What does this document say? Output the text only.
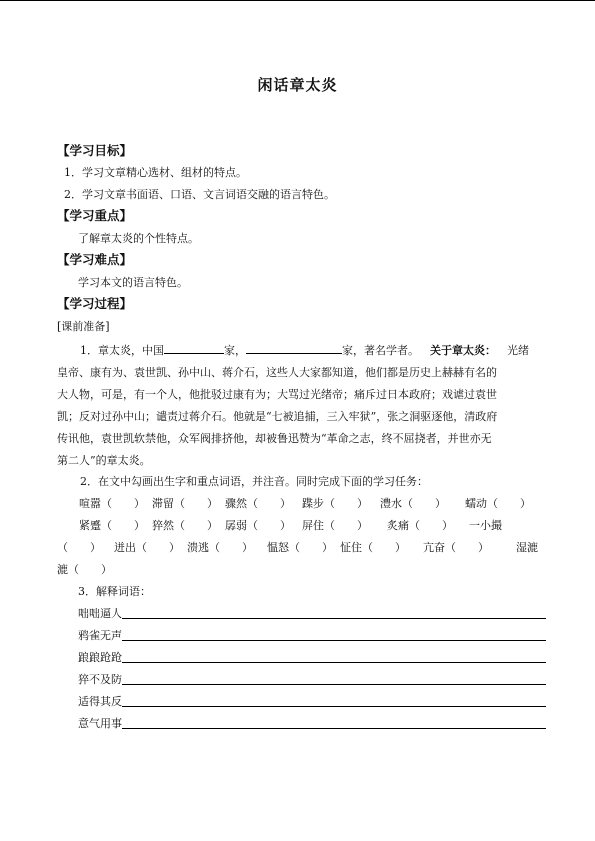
闲话章太炎
【学习目标】
1．学习文章精心选材、组材的特点。
2．学习文章书面语、口语、文言词语交融的语言特色。
【学习重点】
了解章太炎的个性特点。
【学习难点】
学习本文的语言特色。
【学习过程】
[课前准备]
1．章太炎，中国	家，	家，著名学者。  关于章太炎：  光绪
皇帝、康有为、袁世凯、孙中山、蒋介石，这些人大家都知道，他们都是历史上赫赫有名的
大人物，可是，有一个人，他批驳过康有为；大骂过光绪帝；痛斥过日本政府；戏谑过袁世
凯；反对过孙中山；谴责过蒋介石。他就是“七被追捕，三入牢狱”，张之洞驱逐他，清政府
传讯他，袁世凯软禁他，众军阀排挤他，却被鲁迅赞为“革命之志，终不屈挠者，并世亦无
第二人”的章太炎。
2．在文中勾画出生字和重点词语，并注音。同时完成下面的学习任务：
喧嚣（　　） 滞留（　　） 骤然（　　） 蹀步（　　） 澧水（　　） 蠕动（　　）
紧蹙（　　） 猝然（　　） 孱弱（　　） 屏住（　　） 炙痛（　　） 一小撮
（　　） 迸出（　　） 溃逃（　　） 愠怒（　　） 怔住（　　） 亢奋（　　） 湿漉
漉（　　）
3．解释词语：
咄咄逼人
鸦雀无声
踉踉跄跄
猝不及防
适得其反
意气用事
